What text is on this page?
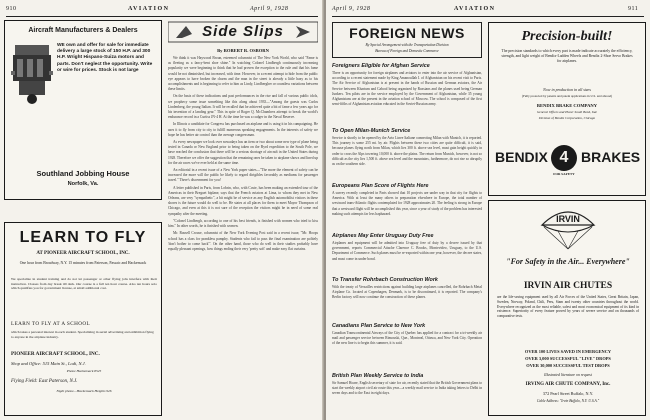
910	AVIATION	April 9, 1928
Aircraft Manufacturers & Dealers
WE own and offer for sale for immediate delivery a large stock of 150 H.P. and 300 H.P. Wright Hispano-Suiza motors and parts. Don't neglect the opportunity. Write or wire for prices. Stock is not large
Southland Jobbing House
Norfolk, Va.
LEARN TO FLY
AT PIONEER AIRCRAFT SCHOOL, INC.
One hour from Broadway, N.Y. 15 minutes from Paterson, Passaic and Hackensack
We specialize in student training and do not let passenger or other flying jobs interfere with their instruction. Classes from day break till dark. Our course is a full ten hour course. Also ten hours solo which qualifies you for government license, at small additional cost.
LEARN TO FLY AT A SCHOOL
which takes a personal interest in each student. Specializing in aerial advertising and exhibition flying to anyone in the airplane industry.
PIONEER AIRCRAFT SCHOOL, INC.
Shop and Office: 515 Main St., Lodi, N.J.
Phone Hackensack 8525
Flying Field: East Paterson, N.J.
Night phone—Hackensack Heights 926
Side Slips
By ROBERT R. OSBORN

We think it was Haywood Broun, esteemed columnist of The New York World, who said "Fame is as fleeting as a fancy-bent shoe shine." In watching Colonel Lindbergh continuously increasing popularity we were beginning to think that he had proven the exception to the rule and that his fame would be not diminished, but increased, with time. However, in a recent attempt to hide from the public eye appears to have broken the charm and the man in the street is already a little hazy as to his accomplishments and is beginning to refer to him as Lindy, Lindbergher or countless variations between these limits.

On the basis of these indications and past performances in the rise and fall of various public idols, we prophecy some issue something like this along about 1935—"Among the guests was Carlos Lindenberg, the young Italian. It will be recalled that he achieved quite a bit of fame a few years ago for his invention of a landing gear." This in spite of Roger Q. McChambers attempt to break the world's endurance record in a Curtiss JN-4 H. At the time he was a cudger in the Naval Reserve.

In Illinois a candidate for Congress has purchased an airplane and is using it in his campaigning. He uses it to fly from city to city to fulfill numerous speaking engagements. In the interests of safety we hope he has better air control than the average congressman.

As every newspaper we look over nowadays has an item or two about some new type of plane being tested in Canada or New England prior to being taken on the Byrd expedition to the South Pole, we have reached the conclusion that there will be a serious shortage of aircraft in the United States during 1928. Therefore we offer the suggestion that the remaining ones be taken to airplane shows and lined up for the air races we've ever held at the same time.

An editorial in a recent issue of a New York paper states—"The more the element of safety can be increased the more will the public be likely to regard dirigibles favorably as mediums for passenger travel." There's discernment for you!

A letter published in Paris, from Lobrin, who, with Coste, has been making an extended tour of the Americas in their Breguet biplane, says that the French aviators at Lima, to whom they met in New Orleans, are very "sympathetic", a bit might be of service as any English automobilist visitors in these shores is the future would do well to be. He states at all places for them to meet Mayor Thompson of Chicago, and even at this it is not sure of the reception the visitors might be in need of some real sympathy after the meeting.

"Colonel Lindbergh, according to one of his best friends, is finished with women who tried to kiss him." In other words, he is finished with women.

Mr. Russell Crouse, columnist of the New York Evening Post said in a recent issue, "Mr. Hoops school has a class for prankless pamphy. Students who fail to pass the final examination are politely 'don't bother to come back'". On the other hand, those who do well in their studies probably have equally pleasant openings, how things ending their very 'pretty soft' and make easy flat curtains.

April 9, 1928	AVIATION	911
FOREIGN NEWS
By Special Arrangement with the Transportation Division
Bureau of Foreign and Domestic Commerce
Foreigners Eligible for Afghan Service
There is an opportunity for foreign airplanes and aviators to enter into the air service of Afghanistan, according to a recent statement made by King Amanoullah I. of Afghanistan on his recent visit to Paris. The Air Service of Afghanistan is at present in the hands of Russian and German aviators, the Air Service between Khartum and Cabool being organized by Russians and the planes used being German Junkers. Ten pilots are in the service employed by the Government of Afghanistan, while 35 young Afghanistans are at the present in the aviation school of Moscow. The school is composed of the first semi-fifths of Afghanistan aviation educated in the Soviet-Russian army.
To Open Milan-Munich Service
Service is shortly to be opened by the Avio Linee Italiane connecting Milan with Munich, it is reported. This journey is some 255 mi. by air. Flights between these two cities are quite difficult, it is said, because planes flying north from Milan, which lies 300 ft. above sea level, must gain height quickly in order to cross the Alps towering 10,000 ft. above the plains. The return from Munich, however, is not so difficult as the city lies 1,500 ft. above sea level and the mountains, furthermore, do not rise so abruptly as on the southern side.
Europeans Plan Score of Flights Here
A survey recently completed in Paris showed that 10 projects are under way in that city for flights to America. With at least the many others in preparation elsewhere in Europe, the total number of westward trans-Atlantic flights contemplated for 1928 approximates 20. The feeling is strong in Europe that a westward flight will be accomplished this year, since a year of study of the problem has interested making such attempts far less haphazard.
Airplanes May Enter Uruguay Duty Free
Airplanes and equipment will be admitted into Uruguay free of duty by a decree issued by that government, reports Commercial Attache Clarence C. Brooks, Montevideo, Uruguay, to the U.S. Department of Commerce. Such planes must be re-exported within one year, however, the decree states, and must come in under bond.
To Transfer Rohrbach Construction Work
With the treaty of Versailles restrictions against building large airplanes cancelled, the Rohrbach Metal Airplane Co. located at Copenhagen, Denmark, is to be discontinued, it is reported. The company's Berlin factory will now continue the construction of these planes.
Canadians Plan Service to New York
Canadian Transcontinental Airways of the City of Quebec has applied for a contract for a tri-weekly air mail and passenger service between Rimouski, Que., Montreal, Ottawa, and New York City. Operation of the new line is to begin this summer, it is said.
British Plan Weekly Service to India
Sir Samuel Hoare, English secretary of state for air, recently stated that the British Government plans to start the weekly airport civil air route this year—a weekly mail service to India taking letters to Delhi in seven days and to the East in eight days.
Precision-built!
The precision standards to which every part is made indicate accurately the efficiency, strength, and light weight of Bendix-Ladden Wheels and Bendix 2-Shoe Servo Brakes for airplanes.
Now in production in all sizes
(Fully protected by patents and patent applications in U.S. and abroad)
BENDIX BRAKE COMPANY
General Offices and Plant: South Bend, Ind.
Division of Bendix Corporation, Chicago
BENDIX 4 BRAKES
FOR SAFETY
IRVIN
"For Safety in the Air... Everywhere"
IRVIN AIR CHUTES
are the life-saving equipment used by all Air Forces of the United States, Great Britain, Japan, Sweden, Norway, Poland, Chili, Peru, Siam and twenty other countries throughout the world. Everywhere recognized as the most reliable, safest and most economical equipment of its kind in existence. Superiority of every feature proved by years of severe service and on thousands of comparative tests.
OVER 100 LIVES SAVED IN EMERGENCY
OVER 3,000 SUCCESSFUL "LIVE" DROPS
OVER 30,000 SUCCESSFUL TEST DROPS
Illustrated literature on request
IRVING AIR CHUTE COMPANY, Inc.
372 Pearl Street Buffalo, N.Y.
Cable Address: "Irvin Buffalo, N.Y. U.S.A."
